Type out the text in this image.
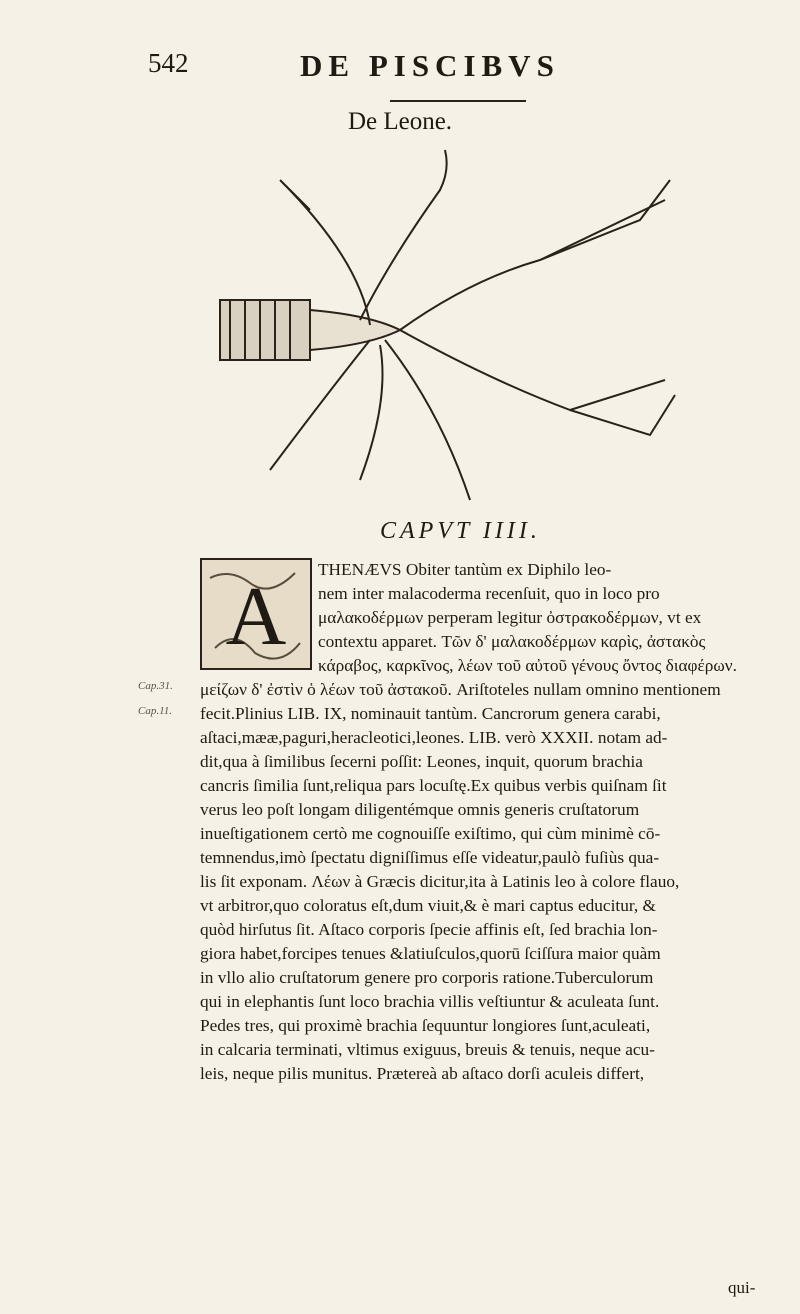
542	DE PISCIBVS
De Leone.
CAPVT IIII.
A
Cap.31.
Cap.11.
THENÆVS Obiter tantùm ex Diphilo leo-
nem inter malacoderma recenſuit, quo in loco pro
μαλακοδέρμων perperam legitur ὀστρακοδέρμων, vt ex
contextu apparet. Τῶν δ' μαλακοδέρμων καρὶς, ἀστακὸς
κάραβος, καρκῖνος, λέων τοῦ αὐτοῦ γένους ὄντος διαφέρων.
μείζων δ' ἐστὶν ὁ λέων τοῦ ἀστακοῦ. Ariſtoteles nullam omnino mentionem
fecit.Plinius LIB. IX, nominauit tantùm. Cancrorum genera carabi,
aſtaci,mææ,paguri,heracleotici,leones. LIB. verò XXXII. notam ad-
dit,qua à ſimilibus ſecerni poſſit: Leones, inquit, quorum brachia
cancris ſimilia ſunt,reliqua pars locuſtę.Ex quibus verbis quiſnam ſit
verus leo poſt longam diligentémque omnis generis cruſtatorum
inueſtigationem certò me cognouiſſe exiſtimo, qui cùm minimè cō-
temnendus,imò ſpectatu digniſſimus eſſe videatur,paulò fuſiùs qua-
lis ſit exponam. Λέων à Græcis dicitur,ita à Latinis leo à colore flauo,
vt arbitror,quo coloratus eſt,dum viuit,& è mari captus educitur, &
quòd hirſutus ſit. Aſtaco corporis ſpecie affinis eſt, ſed brachia lon-
giora habet,forcipes tenues &latiuſculos,quorū ſciſſura maior quàm
in vllo alio cruſtatorum genere pro corporis ratione.Tuberculorum
qui in elephantis ſunt loco brachia villis veſtiuntur & aculeata ſunt.
Pedes tres, qui proximè brachia ſequuntur longiores ſunt,aculeati,
in calcaria terminati, vltimus exiguus, breuis & tenuis, neque acu-
leis, neque pilis munitus. Prætereà ab aſtaco dorſi aculeis differt,
qui-
